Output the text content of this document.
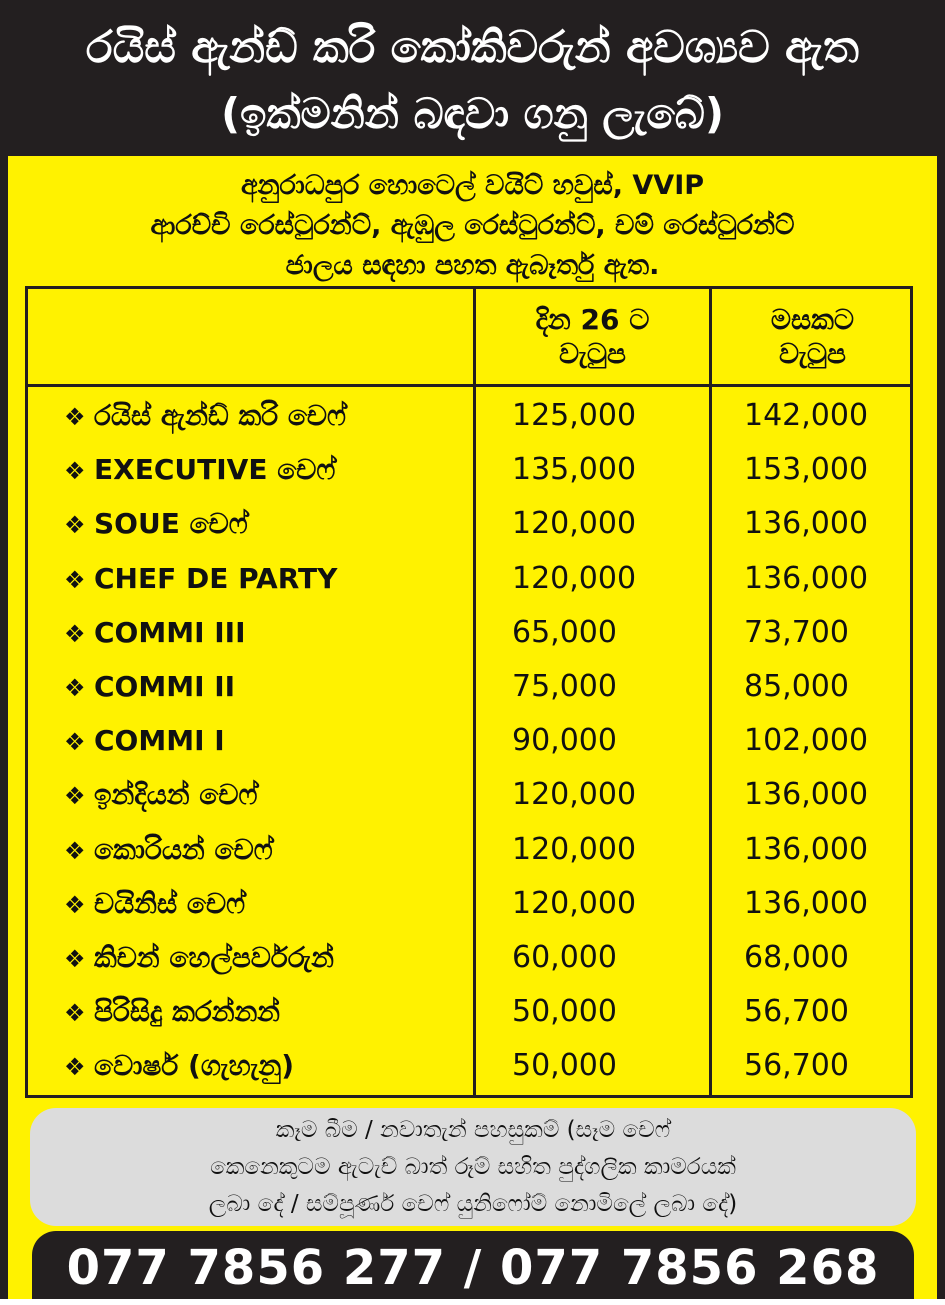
රයිස් ඇන්ඩ් කරි කෝකිවරුන් අවශ්‍යව ඇත
(ඉක්මනින් බඳවා ගනු ලැබේ)
අනුරාධපුර හොටෙල් වයිට් හවුස්, VVIP
ආරච්චි රෙස්ටුරන්ට්, ඇඹුල රෙස්ටුරන්ට්, චම් රෙස්ටුරන්ට්
ජාලය සඳහා පහත ඇබෑර්තු ඇත.
දින 26 ට
වැටුප
මසකට
වැටුප
❖ රයිස් ඇන්ඩ් කරි චෙෆ්	125,000	142,000
❖ EXECUTIVE චෙෆ්	135,000	153,000
❖ SOUE චෙෆ්	120,000	136,000
❖ CHEF DE PARTY	120,000	136,000
❖ COMMI III	65,000	73,700
❖ COMMI II	75,000	85,000
❖ COMMI I	90,000	102,000
❖ ඉන්දියන් චෙෆ්	120,000	136,000
❖ කොරියන් චෙෆ්	120,000	136,000
❖ චයිනිස් චෙෆ්	120,000	136,000
❖ කිචන් හෙල්පර්වරුන්	60,000	68,000
❖ පිරිසිදු කරන්නන්	50,000	56,700
❖ වොෂර් (ගැහැනු)	50,000	56,700
කෑම බීම / නවාතැන් පහසුකම් (සෑම චෙෆ්
කෙනෙකුටම ඇටැච් බාත් රූම් සහිත පුද්ගලික කාමරයක්
ලබා දේ / සම්පූර්ණ චෙෆ් යුනිෆෝම් නොමිලේ ලබා දේ)
077 7856 277 / 077 7856 268
